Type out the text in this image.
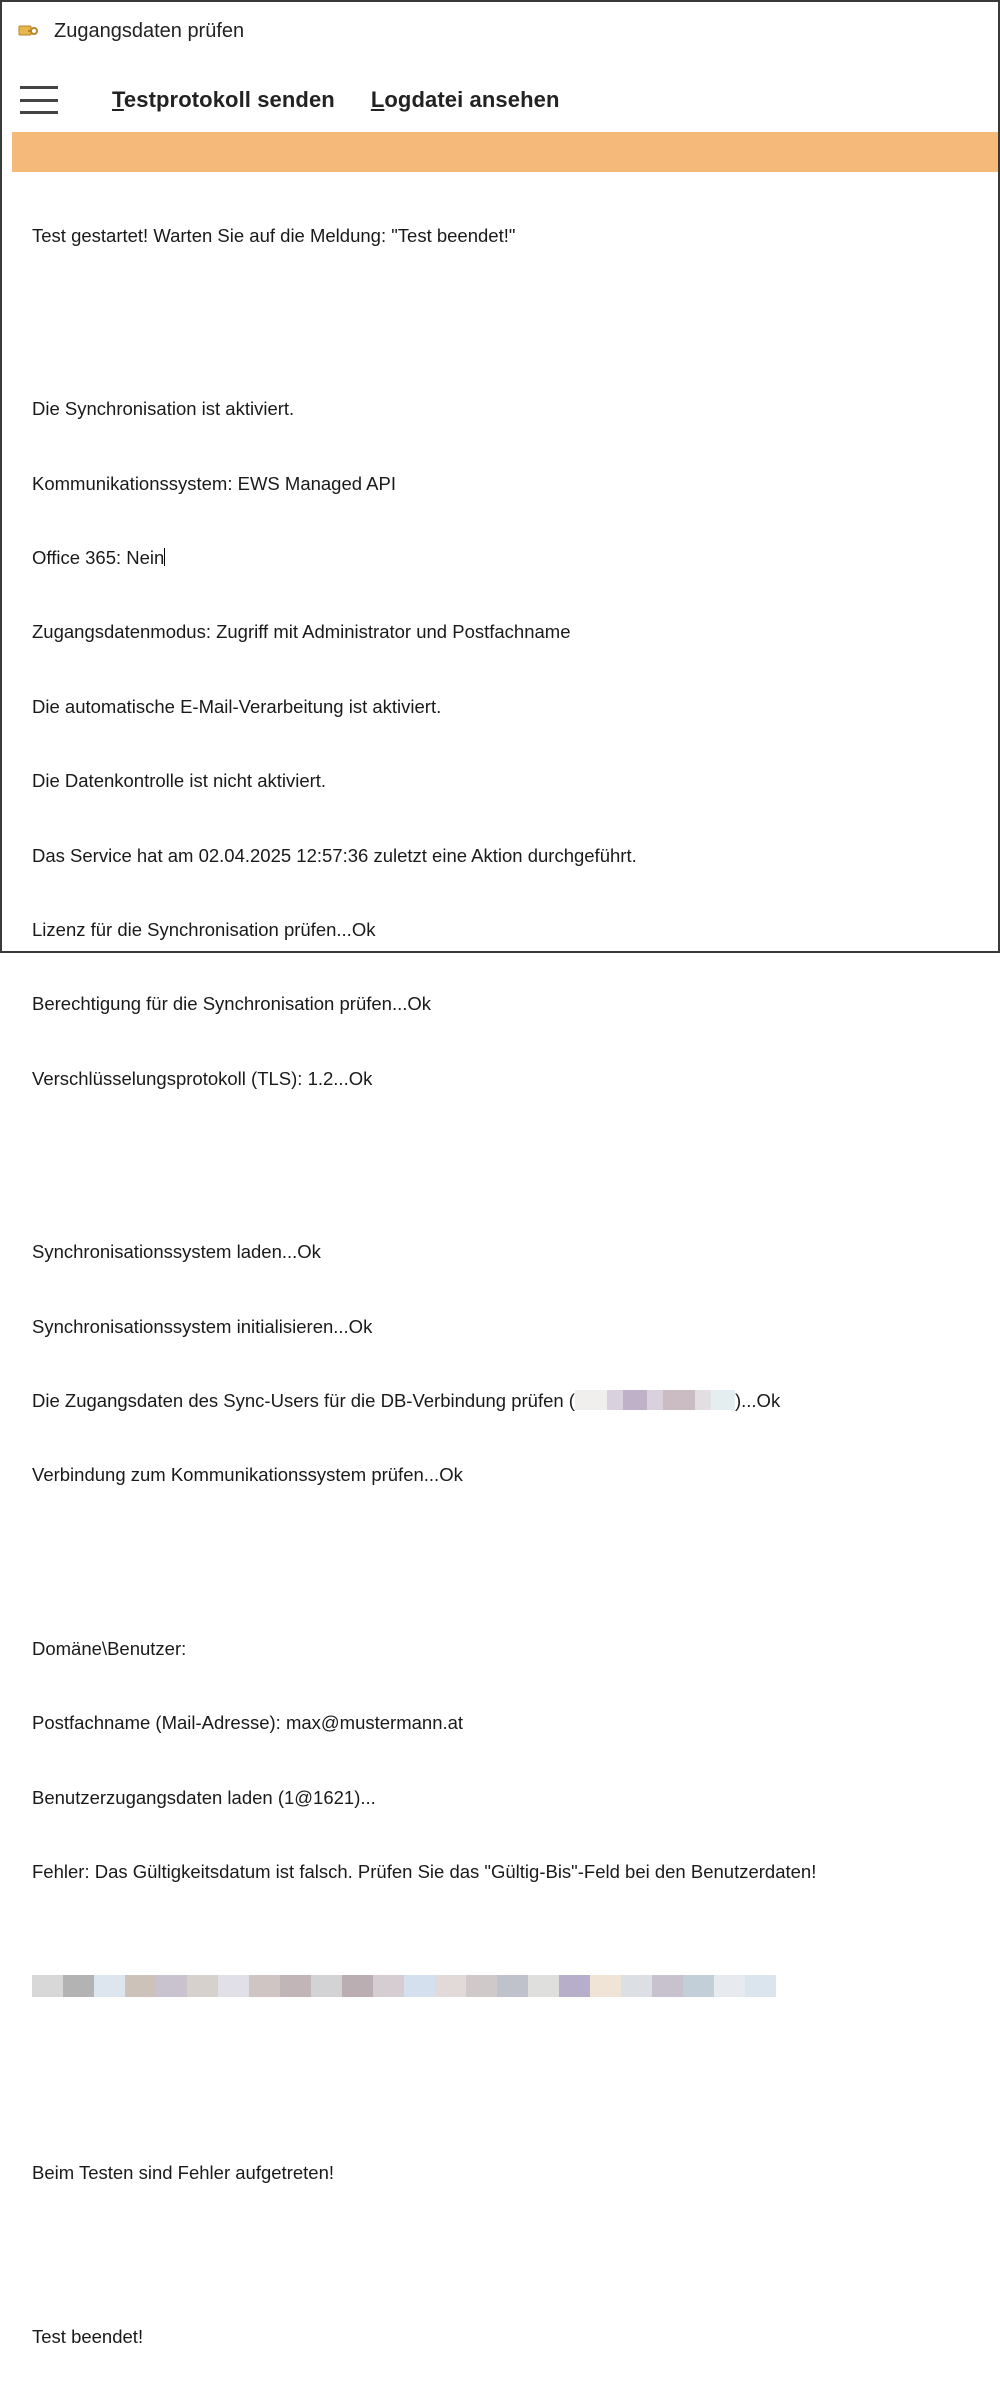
Zugangsdaten prüfen
Testprotokoll senden Logdatei ansehen

Test gestartet! Warten Sie auf die Meldung: "Test beendet!"

Die Synchronisation ist aktiviert.

Kommunikationssystem: EWS Managed API

Office 365: Nein

Zugangsdatenmodus: Zugriff mit Administrator und Postfachname

Die automatische E-Mail-Verarbeitung ist aktiviert.

Die Datenkontrolle ist nicht aktiviert.

Das Service hat am 02.04.2025 12:57:36 zuletzt eine Aktion durchgeführt.

Lizenz für die Synchronisation prüfen...Ok

Berechtigung für die Synchronisation prüfen...Ok

Verschlüsselungsprotokoll (TLS): 1.2...Ok

Synchronisationssystem laden...Ok

Synchronisationssystem initialisieren...Ok

Die Zugangsdaten des Sync-Users für die DB-Verbindung prüfen (	)...Ok

Verbindung zum Kommunikationssystem prüfen...Ok

Domäne\Benutzer:

Postfachname (Mail-Adresse): max@mustermann.at

Benutzerzugangsdaten laden (1@1621)...

Fehler: Das Gültigkeitsdatum ist falsch. Prüfen Sie das "Gültig-Bis"-Feld bei den Benutzerdaten!

Beim Testen sind Fehler aufgetreten!

Test beendet!
